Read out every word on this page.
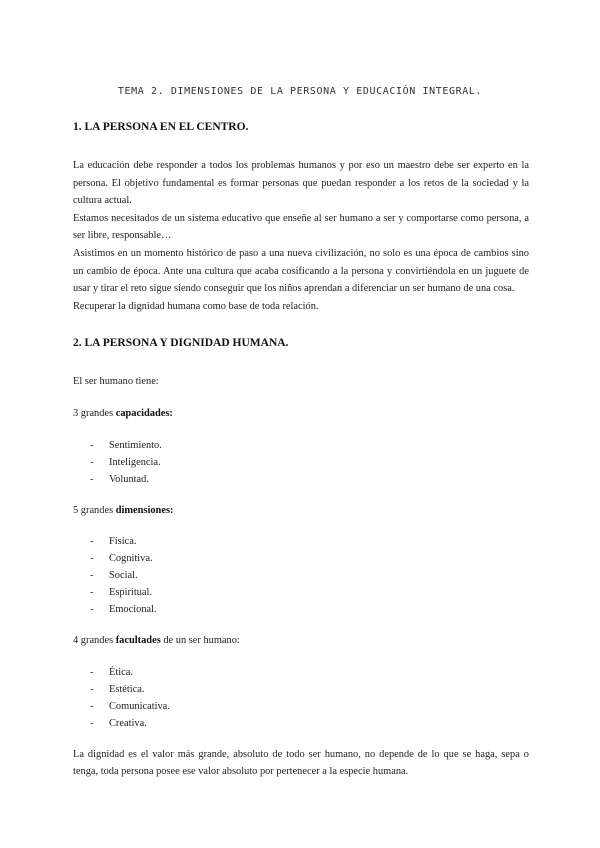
TEMA 2. DIMENSIONES DE LA PERSONA Y EDUCACIÓN INTEGRAL.
1. LA PERSONA EN EL CENTRO.

La educación debe responder a todos los problemas humanos y por eso un maestro debe ser experto en la persona. El objetivo fundamental es formar personas que puedan responder a los retos de la sociedad y la cultura actual.

Estamos necesitados de un sistema educativo que enseñe al ser humano a ser y comportarse como persona, a ser libre, responsable…

Asistimos en un momento histórico de paso a una nueva civilización, no solo es una época de cambios sino un cambio de época. Ante una cultura que acaba cosificando a la persona y convirtiéndola en un juguete de usar y tirar el reto sigue siendo conseguir que los niños aprendan a diferenciar un ser humano de una cosa.

Recuperar la dignidad humana como base de toda relación.

2. LA PERSONA Y DIGNIDAD HUMANA.

El ser humano tiene:

3 grandes capacidades:

-	Sentimiento.
-	Inteligencia.
-	Voluntad.

5 grandes dimensiones:

-	Física.
-	Cognitiva.
-	Social.
-	Espiritual.
-	Emocional.

4 grandes facultades de un ser humano:

-	Ética.
-	Estética.
-	Comunicativa.
-	Creativa.

La dignidad es el valor más grande, absoluto de todo ser humano, no depende de lo que se haga, sepa o tenga, toda persona posee ese valor absoluto por pertenecer a la especie humana.
